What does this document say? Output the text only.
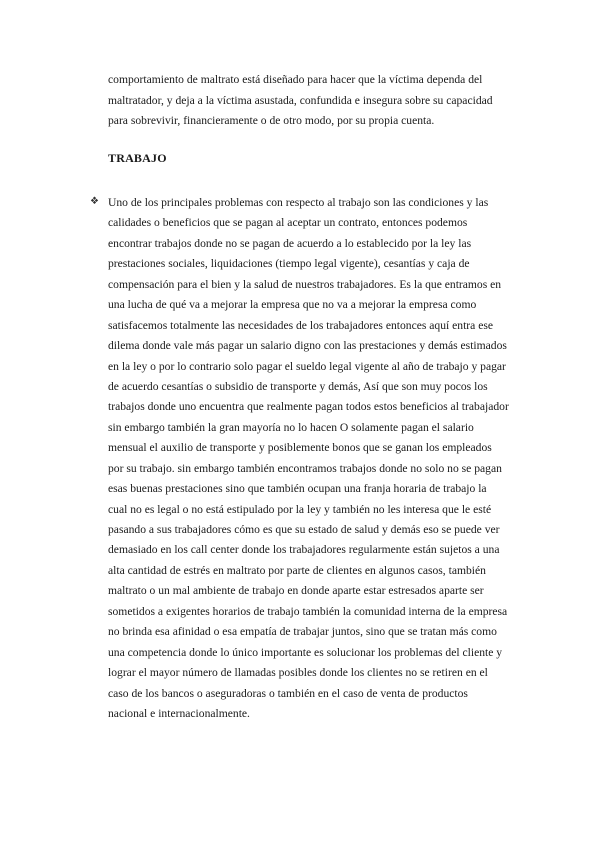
comportamiento de maltrato está diseñado para hacer que la víctima dependa del
maltratador, y deja a la víctima asustada, confundida e insegura sobre su capacidad
para sobrevivir, financieramente o de otro modo, por su propia cuenta.
TRABAJO
❖ Uno de los principales problemas con respecto al trabajo son las condiciones y las
calidades o beneficios que se pagan al aceptar un contrato, entonces podemos
encontrar trabajos donde no se pagan de acuerdo a lo establecido por la ley las
prestaciones sociales, liquidaciones (tiempo legal vigente), cesantías y caja de
compensación para el bien y la salud de nuestros trabajadores. Es la que entramos en
una lucha de qué va a mejorar la empresa que no va a mejorar la empresa como
satisfacemos totalmente las necesidades de los trabajadores entonces aquí entra ese
dilema donde vale más pagar un salario digno con las prestaciones y demás estimados
en la ley o por lo contrario solo pagar el sueldo legal vigente al año de trabajo y pagar
de acuerdo cesantías o subsidio de transporte y demás, Así que son muy pocos los
trabajos donde uno encuentra que realmente pagan todos estos beneficios al trabajador
sin embargo también la gran mayoría no lo hacen O solamente pagan el salario
mensual el auxilio de transporte y posiblemente bonos que se ganan los empleados
por su trabajo. sin embargo también encontramos trabajos donde no solo no se pagan
esas buenas prestaciones sino que también ocupan una franja horaria de trabajo la
cual no es legal o no está estipulado por la ley y también no les interesa que le esté
pasando a sus trabajadores cómo es que su estado de salud y demás eso se puede ver
demasiado en los call center donde los trabajadores regularmente están sujetos a una
alta cantidad de estrés en maltrato por parte de clientes en algunos casos, también
maltrato o un mal ambiente de trabajo en donde aparte estar estresados aparte ser
sometidos a exigentes horarios de trabajo también la comunidad interna de la empresa
no brinda esa afinidad o esa empatía de trabajar juntos, sino que se tratan más como
una competencia donde lo único importante es solucionar los problemas del cliente y
lograr el mayor número de llamadas posibles donde los clientes no se retiren en el
caso de los bancos o aseguradoras o también en el caso de venta de productos
nacional e internacionalmente.
